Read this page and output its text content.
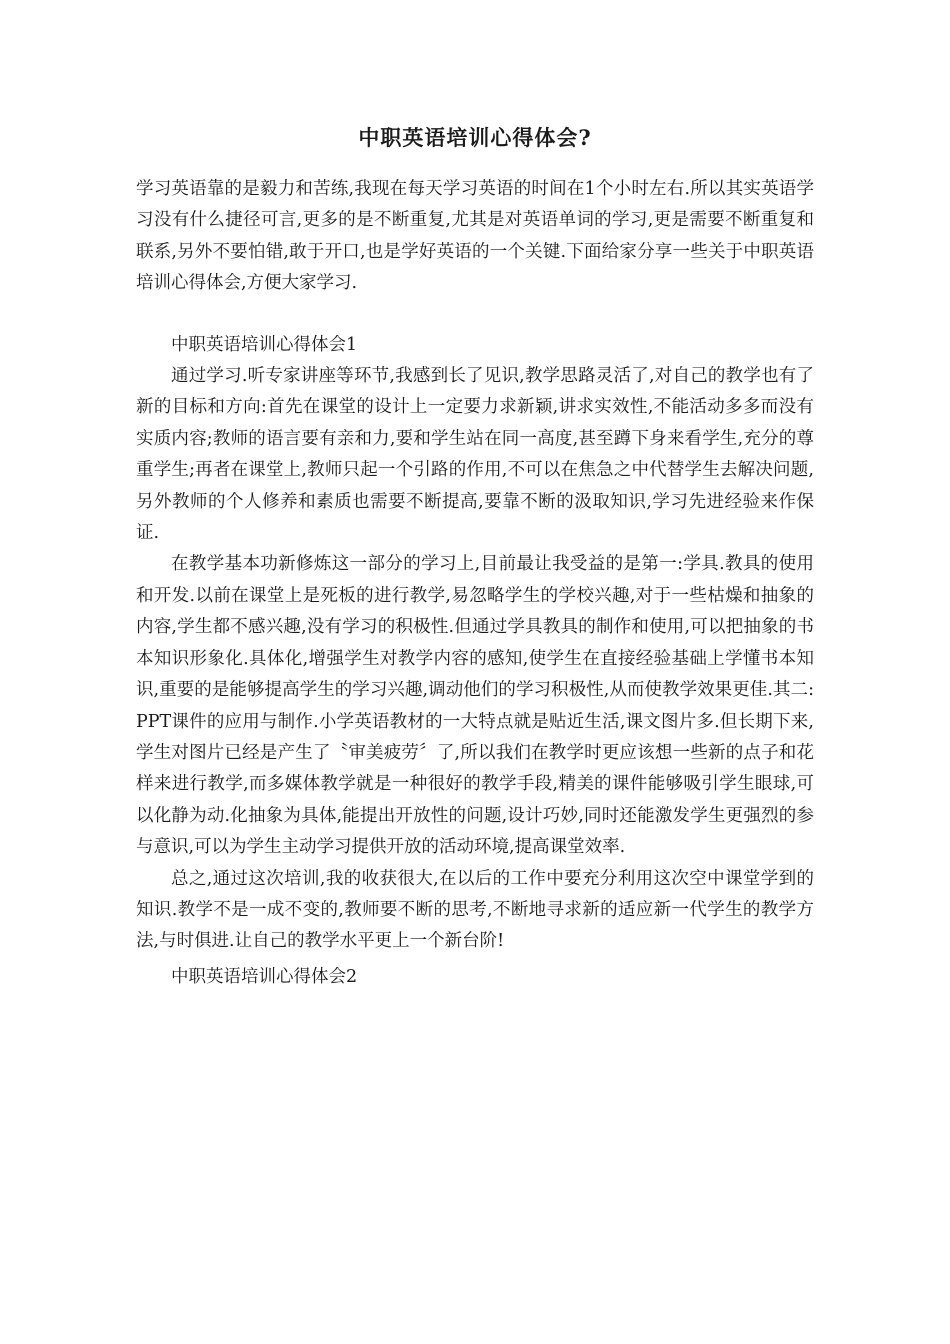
中职英语培训心得体会?

学习英语靠的是毅力和苦练,我现在每天学习英语的时间在1个小时左右.所以其实英语学习没有什么捷径可言,更多的是不断重复,尤其是对英语单词的学习,更是需要不断重复和联系,另外不要怕错,敢于开口,也是学好英语的一个关键.下面给家分享一些关于中职英语培训心得体会,方便大家学习.

中职英语培训心得体会1

通过学习.听专家讲座等环节,我感到长了见识,教学思路灵活了,对自己的教学也有了新的目标和方向:首先在课堂的设计上一定要力求新颖,讲求实效性,不能活动多多而没有实质内容;教师的语言要有亲和力,要和学生站在同一高度,甚至蹲下身来看学生,充分的尊重学生;再者在课堂上,教师只起一个引路的作用,不可以在焦急之中代替学生去解决问题,另外教师的个人修养和素质也需要不断提高,要靠不断的汲取知识,学习先进经验来作保证.

在教学基本功新修炼这一部分的学习上,目前最让我受益的是第一:学具.教具的使用和开发.以前在课堂上是死板的进行教学,易忽略学生的学校兴趣,对于一些枯燥和抽象的内容,学生都不感兴趣,没有学习的积极性.但通过学具教具的制作和使用,可以把抽象的书本知识形象化.具体化,增强学生对教学内容的感知,使学生在直接经验基础上学懂书本知识,重要的是能够提高学生的学习兴趣,调动他们的学习积极性,从而使教学效果更佳.其二:PPT课件的应用与制作.小学英语教材的一大特点就是贴近生活,课文图片多.但长期下来,学生对图片已经是产生了〝审美疲劳〞了,所以我们在教学时更应该想一些新的点子和花样来进行教学,而多媒体教学就是一种很好的教学手段,精美的课件能够吸引学生眼球,可以化静为动.化抽象为具体,能提出开放性的问题,设计巧妙,同时还能激发学生更强烈的参与意识,可以为学生主动学习提供开放的活动环境,提高课堂效率.

总之,通过这次培训,我的收获很大,在以后的工作中要充分利用这次空中课堂学到的知识.教学不是一成不变的,教师要不断的思考,不断地寻求新的适应新一代学生的教学方法,与时俱进.让自己的教学水平更上一个新台阶!

中职英语培训心得体会2
